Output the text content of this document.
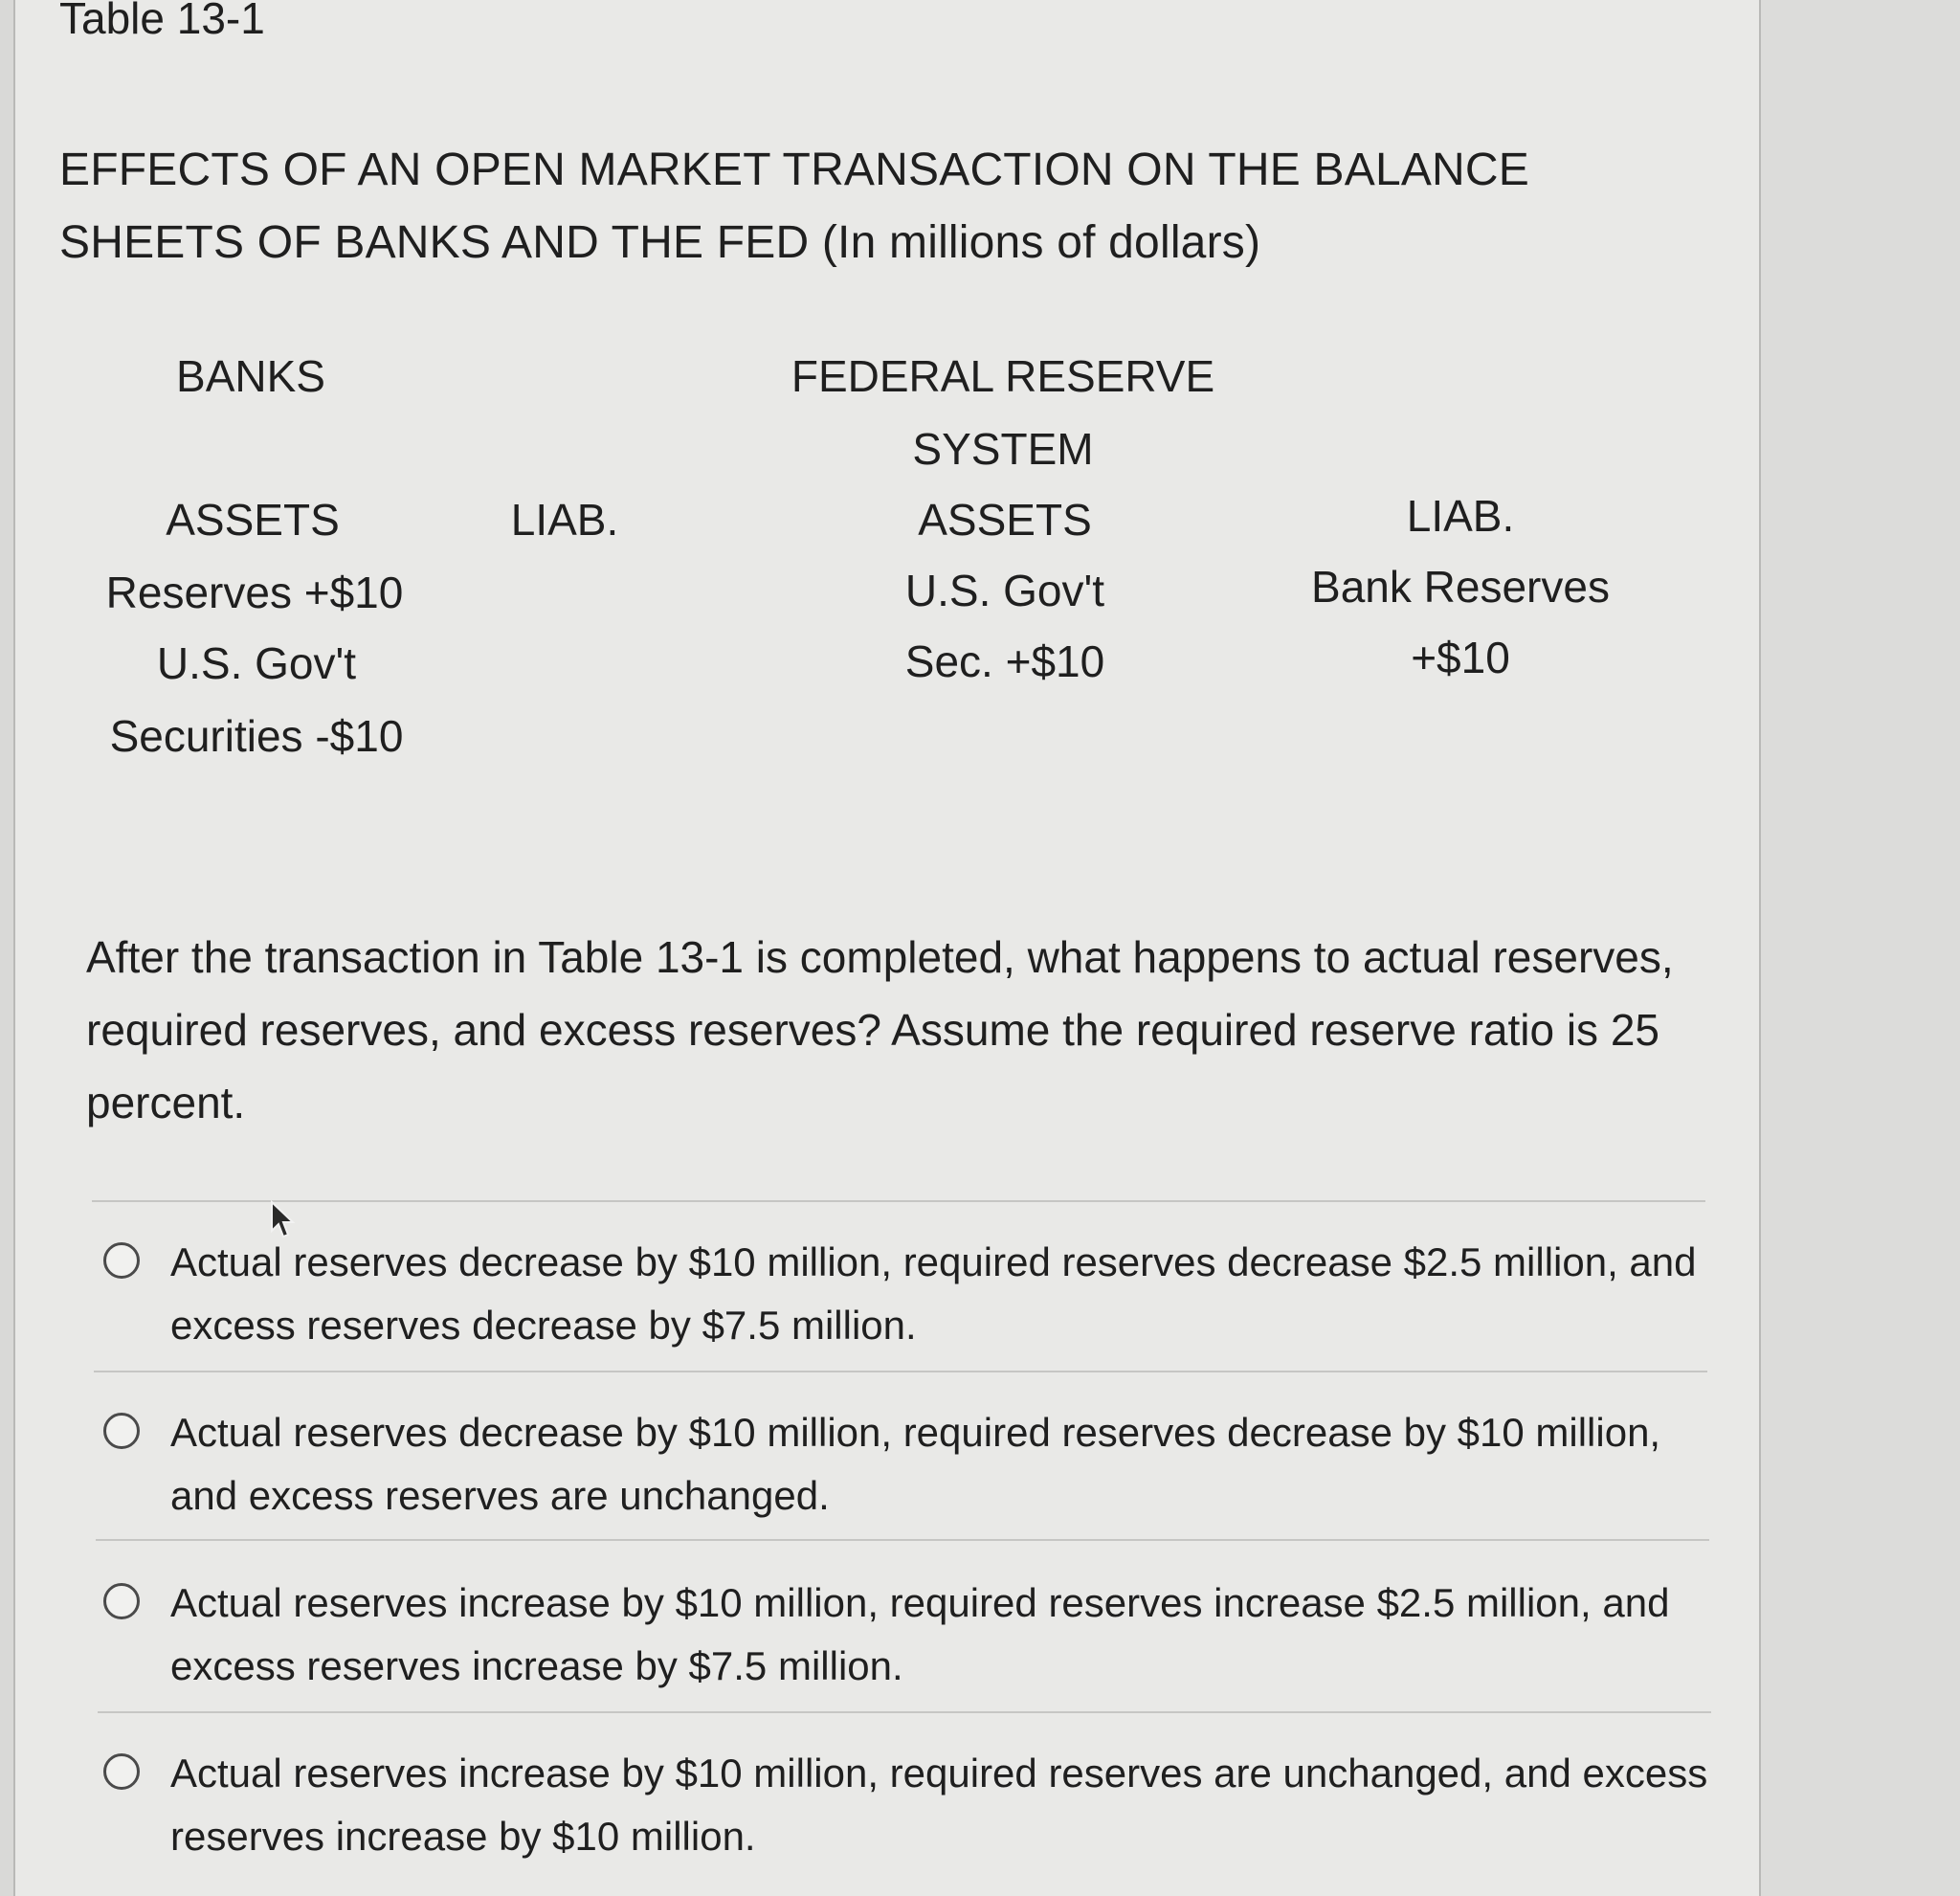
Table 13-1
EFFECTS OF AN OPEN MARKET TRANSACTION ON THE BALANCE
SHEETS OF BANKS AND THE FED (In millions of dollars)
BANKS
ASSETS	LIAB.
Reserves +$10
U.S. Gov't
Securities -$10
FEDERAL RESERVE
SYSTEM
ASSETS	LIAB.
U.S. Gov't
Sec. +$10
Bank Reserves
+$10
After the transaction in Table 13-1 is completed, what happens to actual reserves, required reserves, and excess reserves? Assume the required reserve ratio is 25 percent.
Actual reserves decrease by $10 million, required reserves decrease $2.5 million, and excess reserves decrease by $7.5 million.
Actual reserves decrease by $10 million, required reserves decrease by $10 million, and excess reserves are unchanged.
Actual reserves increase by $10 million, required reserves increase $2.5 million, and excess reserves increase by $7.5 million.
Actual reserves increase by $10 million, required reserves are unchanged, and excess reserves increase by $10 million.
